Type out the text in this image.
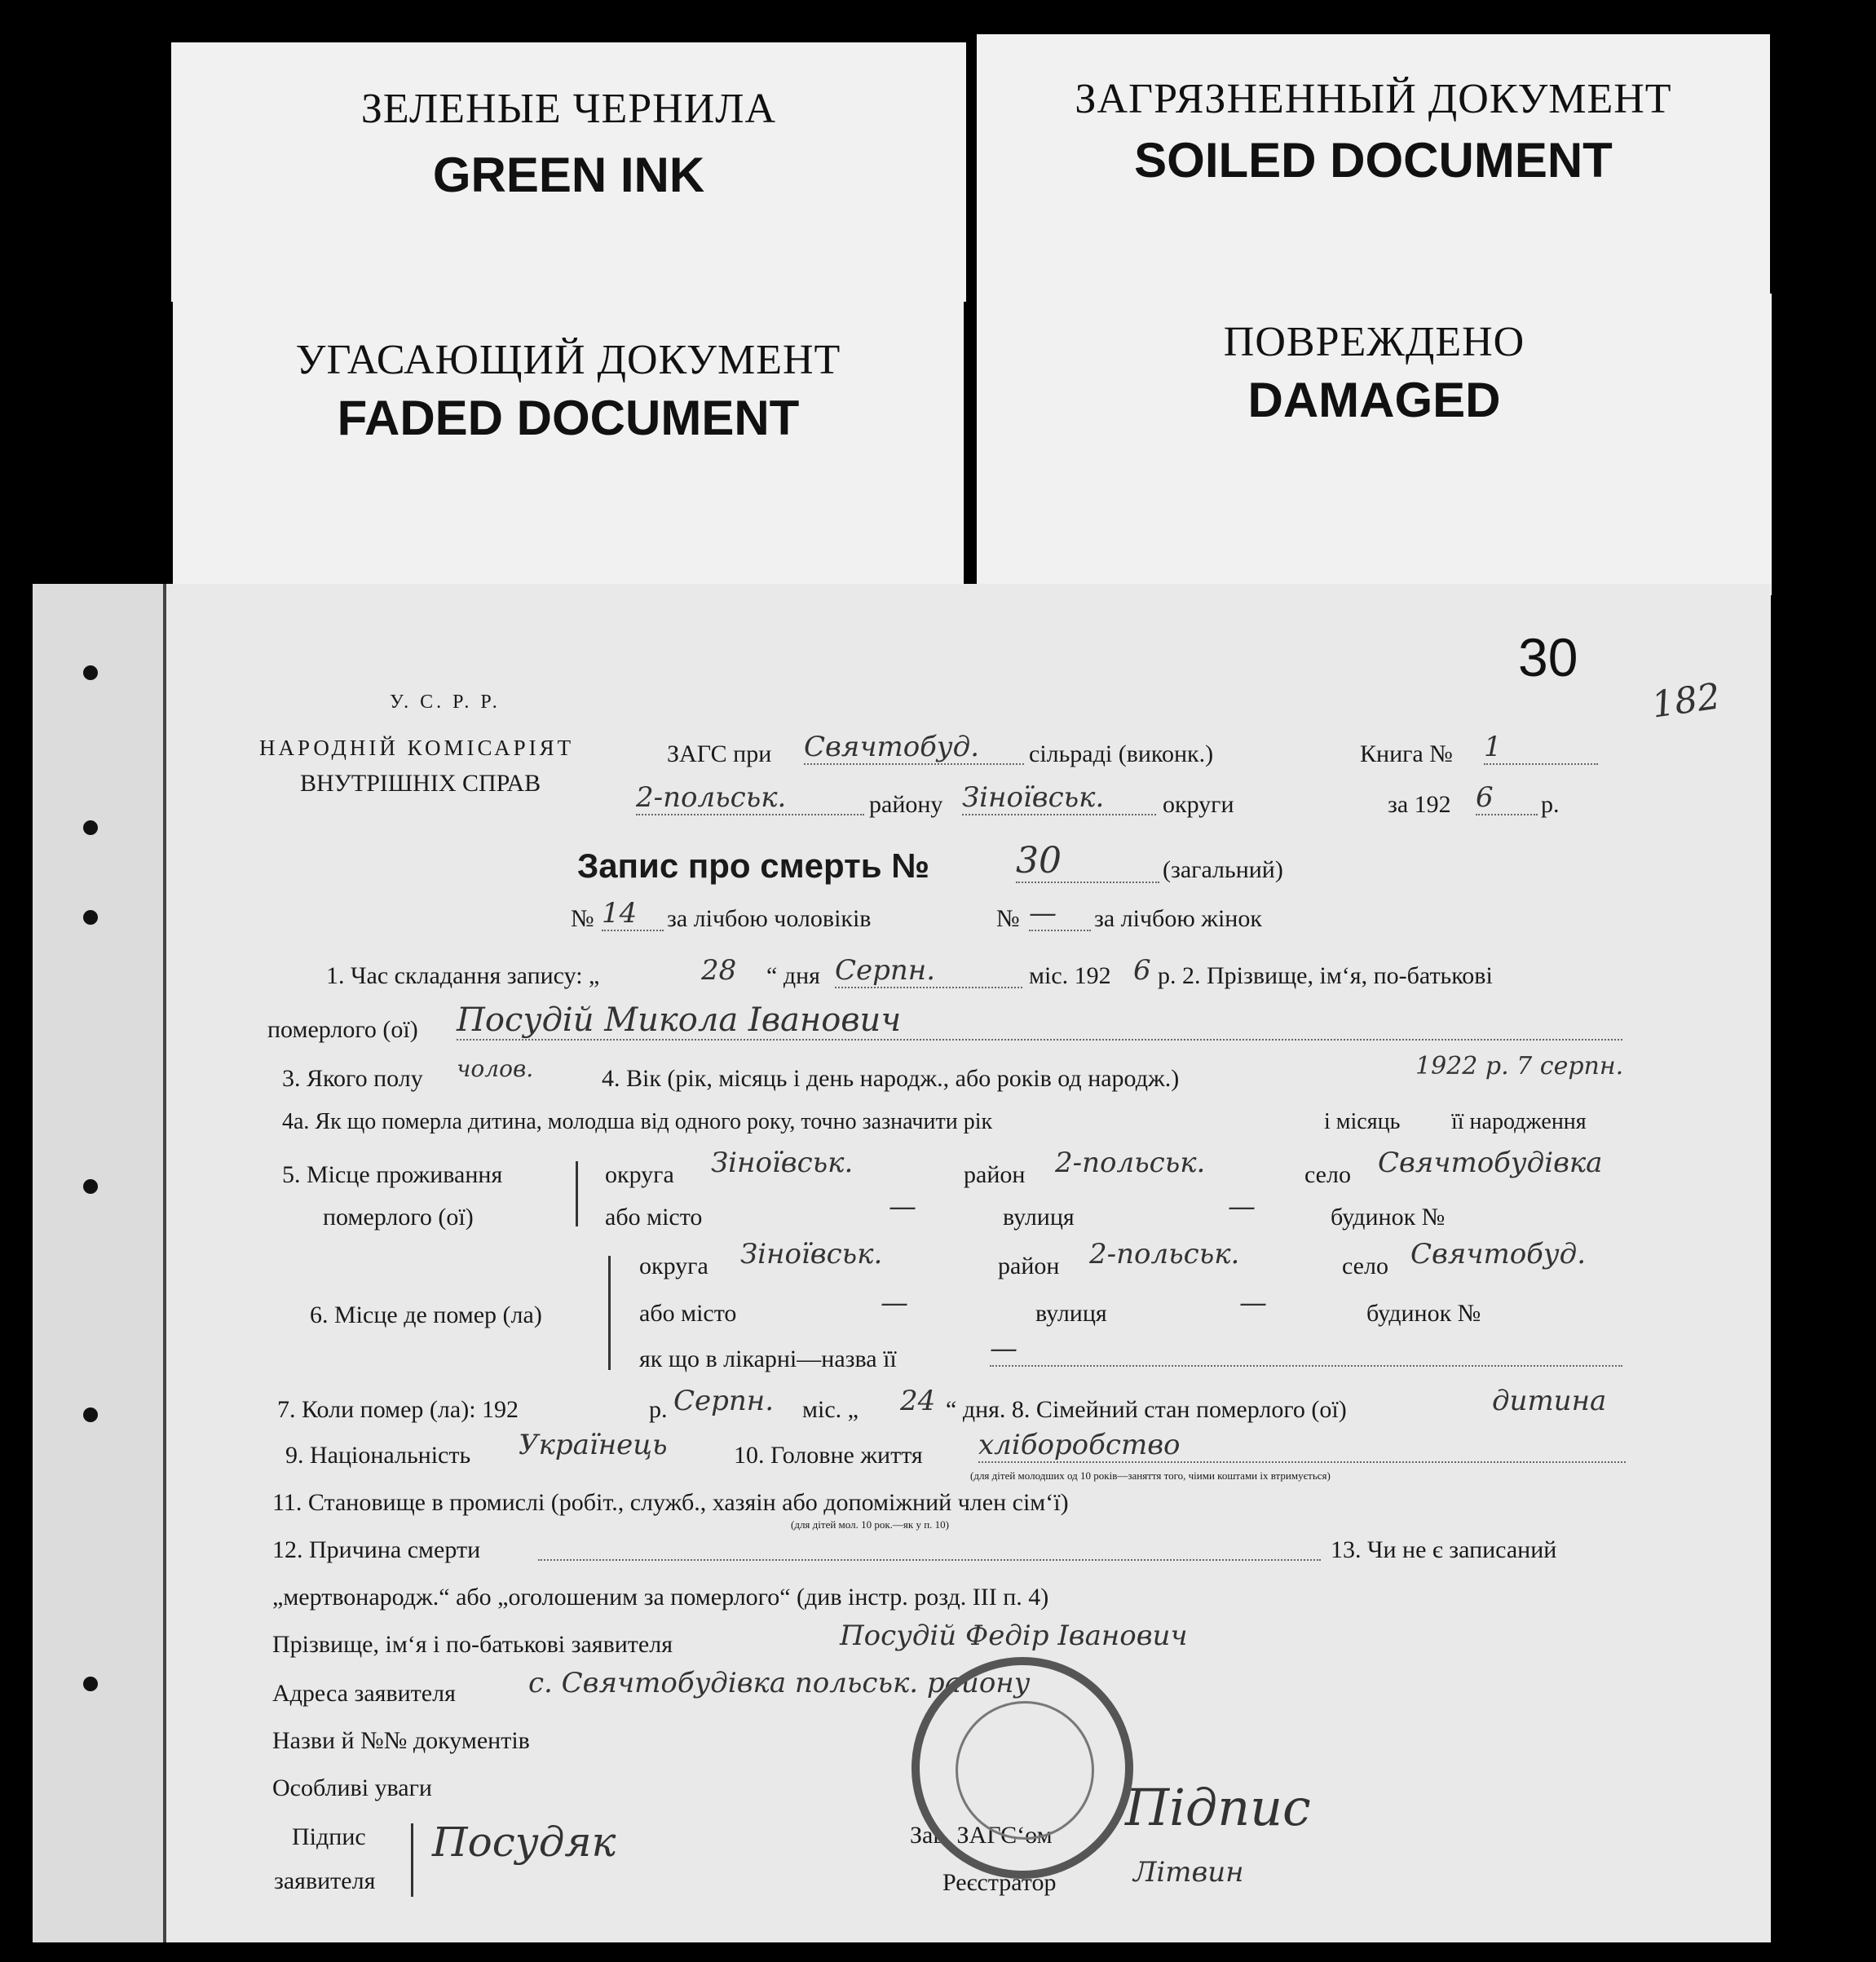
ЗЕЛЕНЫЕ ЧЕРНИЛА
GREEN INK
ЗАГРЯЗНЕННЫЙ ДОКУМЕНТ
SOILED DOCUMENT
УГАСАЮЩИЙ ДОКУМЕНТ
FADED DOCUMENT
ПОВРЕЖДЕНО
DAMAGED
30
182
У. С. Р. Р.
НАРОДНІЙ КОМІСАРІЯТ
ВНУТРІШНІХ СПРАВ
ЗАГС при Свячтобуд.	сільраді (виконк.)	Книга № 1
2-польськ.	району Зіноївськ.	округи	за 192 6	р.
Запис про смерть № 30	(загальний)
№ 14	за лічбою чоловіків	№ —	за лічбою жінок
1. Час складання запису: „	28 “ дня Серпн.	міс. 192 6 р. 2. Прізвище, ім‘я, по-батькові
померлого (ої) Посудій Микола Іванович
3. Якого полу чолов.	4. Вік (рік, місяць і день народж., або років од народж.)	1922 р. 7 серпн.
4а. Як що померла дитина, молодша від одного року, точно зазначити рік	і місяць її народження
5. Місце проживання
померлого (ої)
округа Зіноївськ.	район 2-польськ.	село Свячтобудівка
або місто	—	вулиця	—	будинок №
6. Місце де помер (ла)
округа Зіноївськ.	район 2-польськ.	село Свячтобуд.
або місто	—	вулиця	—	будинок №
як що в лікарні—назва її	—
7. Коли помер (ла): 192	р. Серпн. міс. „ 24 “ дня. 8. Сімейний стан померлого (ої)	дитина
9. Національність Українець	10. Головне життя хліборобство
(для дітей молодших од 10 років—заняття того, чіими коштами іх втримується)
11. Становище в промислі (робіт., служб., хазяін або допоміжний член сім‘ї)
(для дітей мол. 10 рок.—як у п. 10)
12. Причина смерти	13. Чи не є записаний
„мертвонародж.“ або „оголошеним за померлого“ (див інстр. розд. III п. 4)
Прізвище, ім‘я і по-батькові заявителя	Посудій Федір Іванович
Адреса заявителя	с. Свячтобудівка польськ. району
Назви й №№ документів
Особливі уваги
Підпис
заявителя
Посудяк	Зав. ЗАГС‘ом
Реєстратор
Підпис
Літвин
